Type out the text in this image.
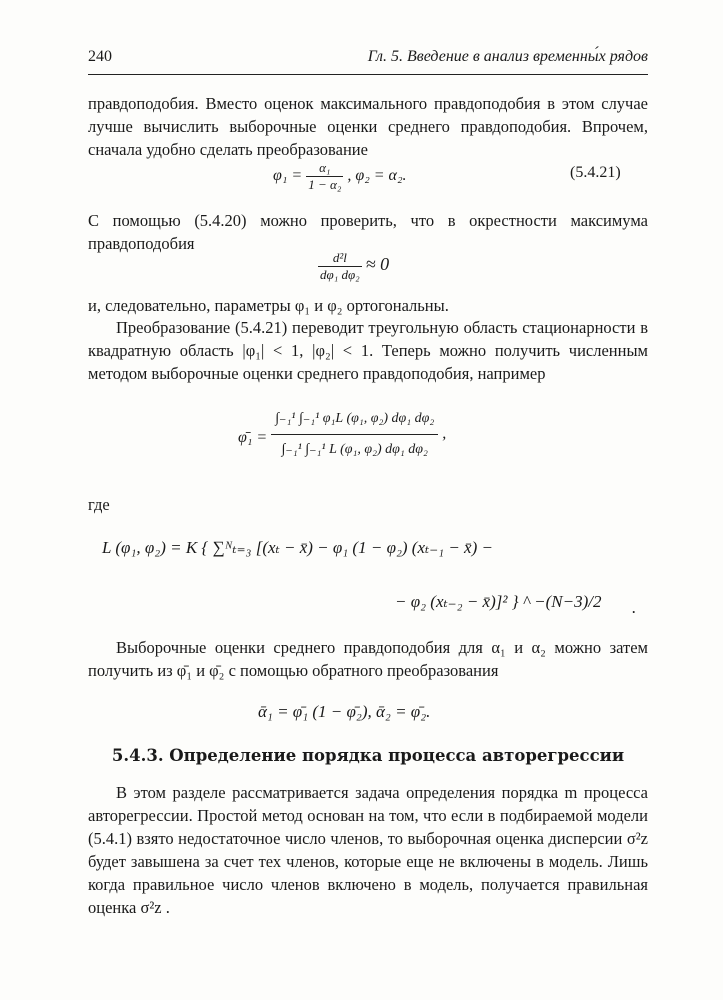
240	Гл. 5. Введение в анализ временны́х рядов

правдоподобия. Вместо оценок максимального правдоподобия в этом случае лучше вычислить выборочные оценки среднего правдоподобия. Впрочем, сначала удобно сделать преобразование

$\varphi_1 = \frac{\text{α₁}}{\text{1 − α₂}}$ , φ₂ = α₂.	(5.4.21)

С помощью (5.4.20) можно проверить, что в окрестности максимума правдоподобия

$\frac{\text{d²l}}{\text{dφ₁ dφ₂}} \approx 0$

и, следовательно, параметры φ₁ и φ₂ ортогональны.

Преобразование (5.4.21) переводит треугольную область стационарности в квадратную область |φ₁| < 1, |φ₂| < 1. Теперь можно получить численным методом выборочные оценки среднего правдоподобия, например

φ̄₁ = $\frac{\text{∫₋₁¹ ∫₋₁¹ φ₁L (φ₁, φ₂) dφ₁ dφ₂}}{\text{∫₋₁¹ ∫₋₁¹ L (φ₁, φ₂) dφ₁ dφ₂}}$ ,

где

L (φ₁, φ₂) = K { ∑ᴺₜ₌₃ [(xₜ − x̄) − φ₁ (1 − φ₂) (xₜ₋₁ − x̄) −
− φ₂ (xₜ₋₂ − x̄)]² } ^ −(N−3)/2 .

Выборочные оценки среднего правдоподобия для α₁ и α₂ можно затем получить из φ̄₁ и φ̄₂ с помощью обратного преобразования

ᾱ₁ = φ̄₁ (1 − φ̄₂), ᾱ₂ = φ̄₂.
5.4.3. Определение порядка процесса авторегрессии

В этом разделе рассматривается задача определения порядка m процесса авторегрессии. Простой метод основан на том, что если в подбираемой модели (5.4.1) взято недостаточное число членов, то выборочная оценка дисперсии σ²z будет завышена за счет тех членов, которые еще не включены в модель. Лишь когда правильное число членов включено в модель, получается правильная оценка σ²z .
